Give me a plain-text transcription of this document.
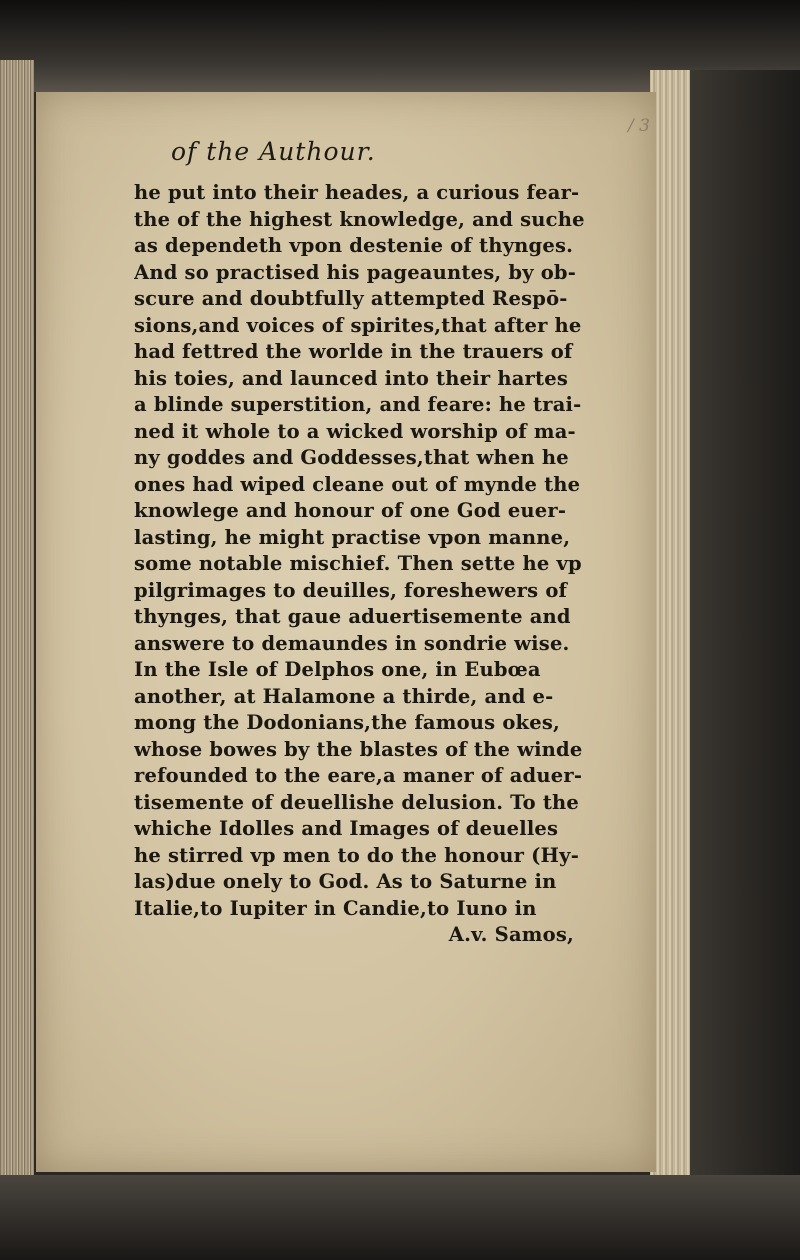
/ 3
of the Authour.
he put into their heades, a curious fear-
the of the highest knowledge, and suche
as dependeth vpon destenie of thynges.
And so practised his pageauntes, by ob-
scure and doubtfully attempted Respō-
sions,and voices of spirites,that after he
had fettred the worlde in the trauers of
his toies, and launced into their hartes
a blinde superstition, and feare: he trai-
ned it whole to a wicked worship of ma-
ny goddes and Goddesses,that when he
ones had wiped cleane out of mynde the
knowlege and honour of one God euer-
lasting, he might practise vpon manne,
some notable mischief. Then sette he vp
pilgrimages to deuilles, foreshewers of
thynges, that gaue aduertisemente and
answere to demaundes in sondrie wise.
In the Isle of Delphos one, in Eubœa
another, at Halamone a thirde, and e-
mong the Dodonians,the famous okes,
whose bowes by the blastes of the winde
refounded to the eare,a maner of aduer-
tisemente of deuellishe delusion. To the
whiche Idolles and Images of deuelles
he stirred vp men to do the honour (Hy-
las)due onely to God. As to Saturne in
Italie,to Iupiter in Candie,to Iuno in
A.v. Samos,
